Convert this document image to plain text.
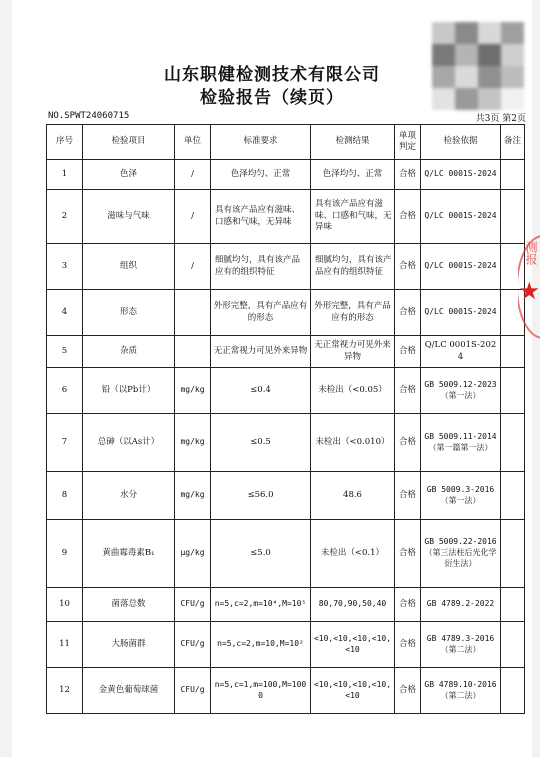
山东职健检测技术有限公司
检验报告（续页）
NO.SPWT24060715	共3页 第2页
序号	检验项目	单位	标准要求	检测结果	单项判定	检验依据	备注
1	色泽	/	色泽均匀、正常	色泽均匀、正常	合格	Q/LC 0001S-2024	
2	滋味与气味	/	具有该产品应有滋味、口感和气味，无异味	具有该产品应有滋味、口感和气味，无异味	合格	Q/LC 0001S-2024	
3	组织	/	细腻均匀，具有该产品应有的组织特征	细腻均匀，具有该产品应有的组织特征	合格	Q/LC 0001S-2024	
4	形态		外形完整，具有产品应有的形态	外形完整，具有产品应有的形态	合格	Q/LC 0001S-2024	
5	杂质		无正常视力可见外来异物	无正常视力可见外来异物	合格	Q/LC 0001S-2024	
6	铅（以Pb计）	mg/kg	≤0.4	未检出（<0.05）	合格	GB 5009.12-2023（第一法）	
7	总砷（以As计）	mg/kg	≤0.5	未检出（<0.010）	合格	GB 5009.11-2014（第一篇第一法）	
8	水分	mg/kg	≤56.0	48.6	合格	GB 5009.3-2016（第一法）	
9	黄曲霉毒素B₁	μg/kg	≤5.0	未检出（<0.1）	合格	GB 5009.22-2016（第三法柱后光化学衍生法）	
10	菌落总数	CFU/g	n=5,c=2,m=10⁴,M=10⁵	80,70,90,50,40	合格	GB 4789.2-2022	
11	大肠菌群	CFU/g	n=5,c=2,m=10,M=10²	<10,<10,<10,<10,<10	合格	GB 4789.3-2016（第二法）	
12	金黄色葡萄球菌	CFU/g	n=5,c=1,m=100,M=1000	<10,<10,<10,<10,<10	合格	GB 4789.10-2016（第二法）	
测报
★
